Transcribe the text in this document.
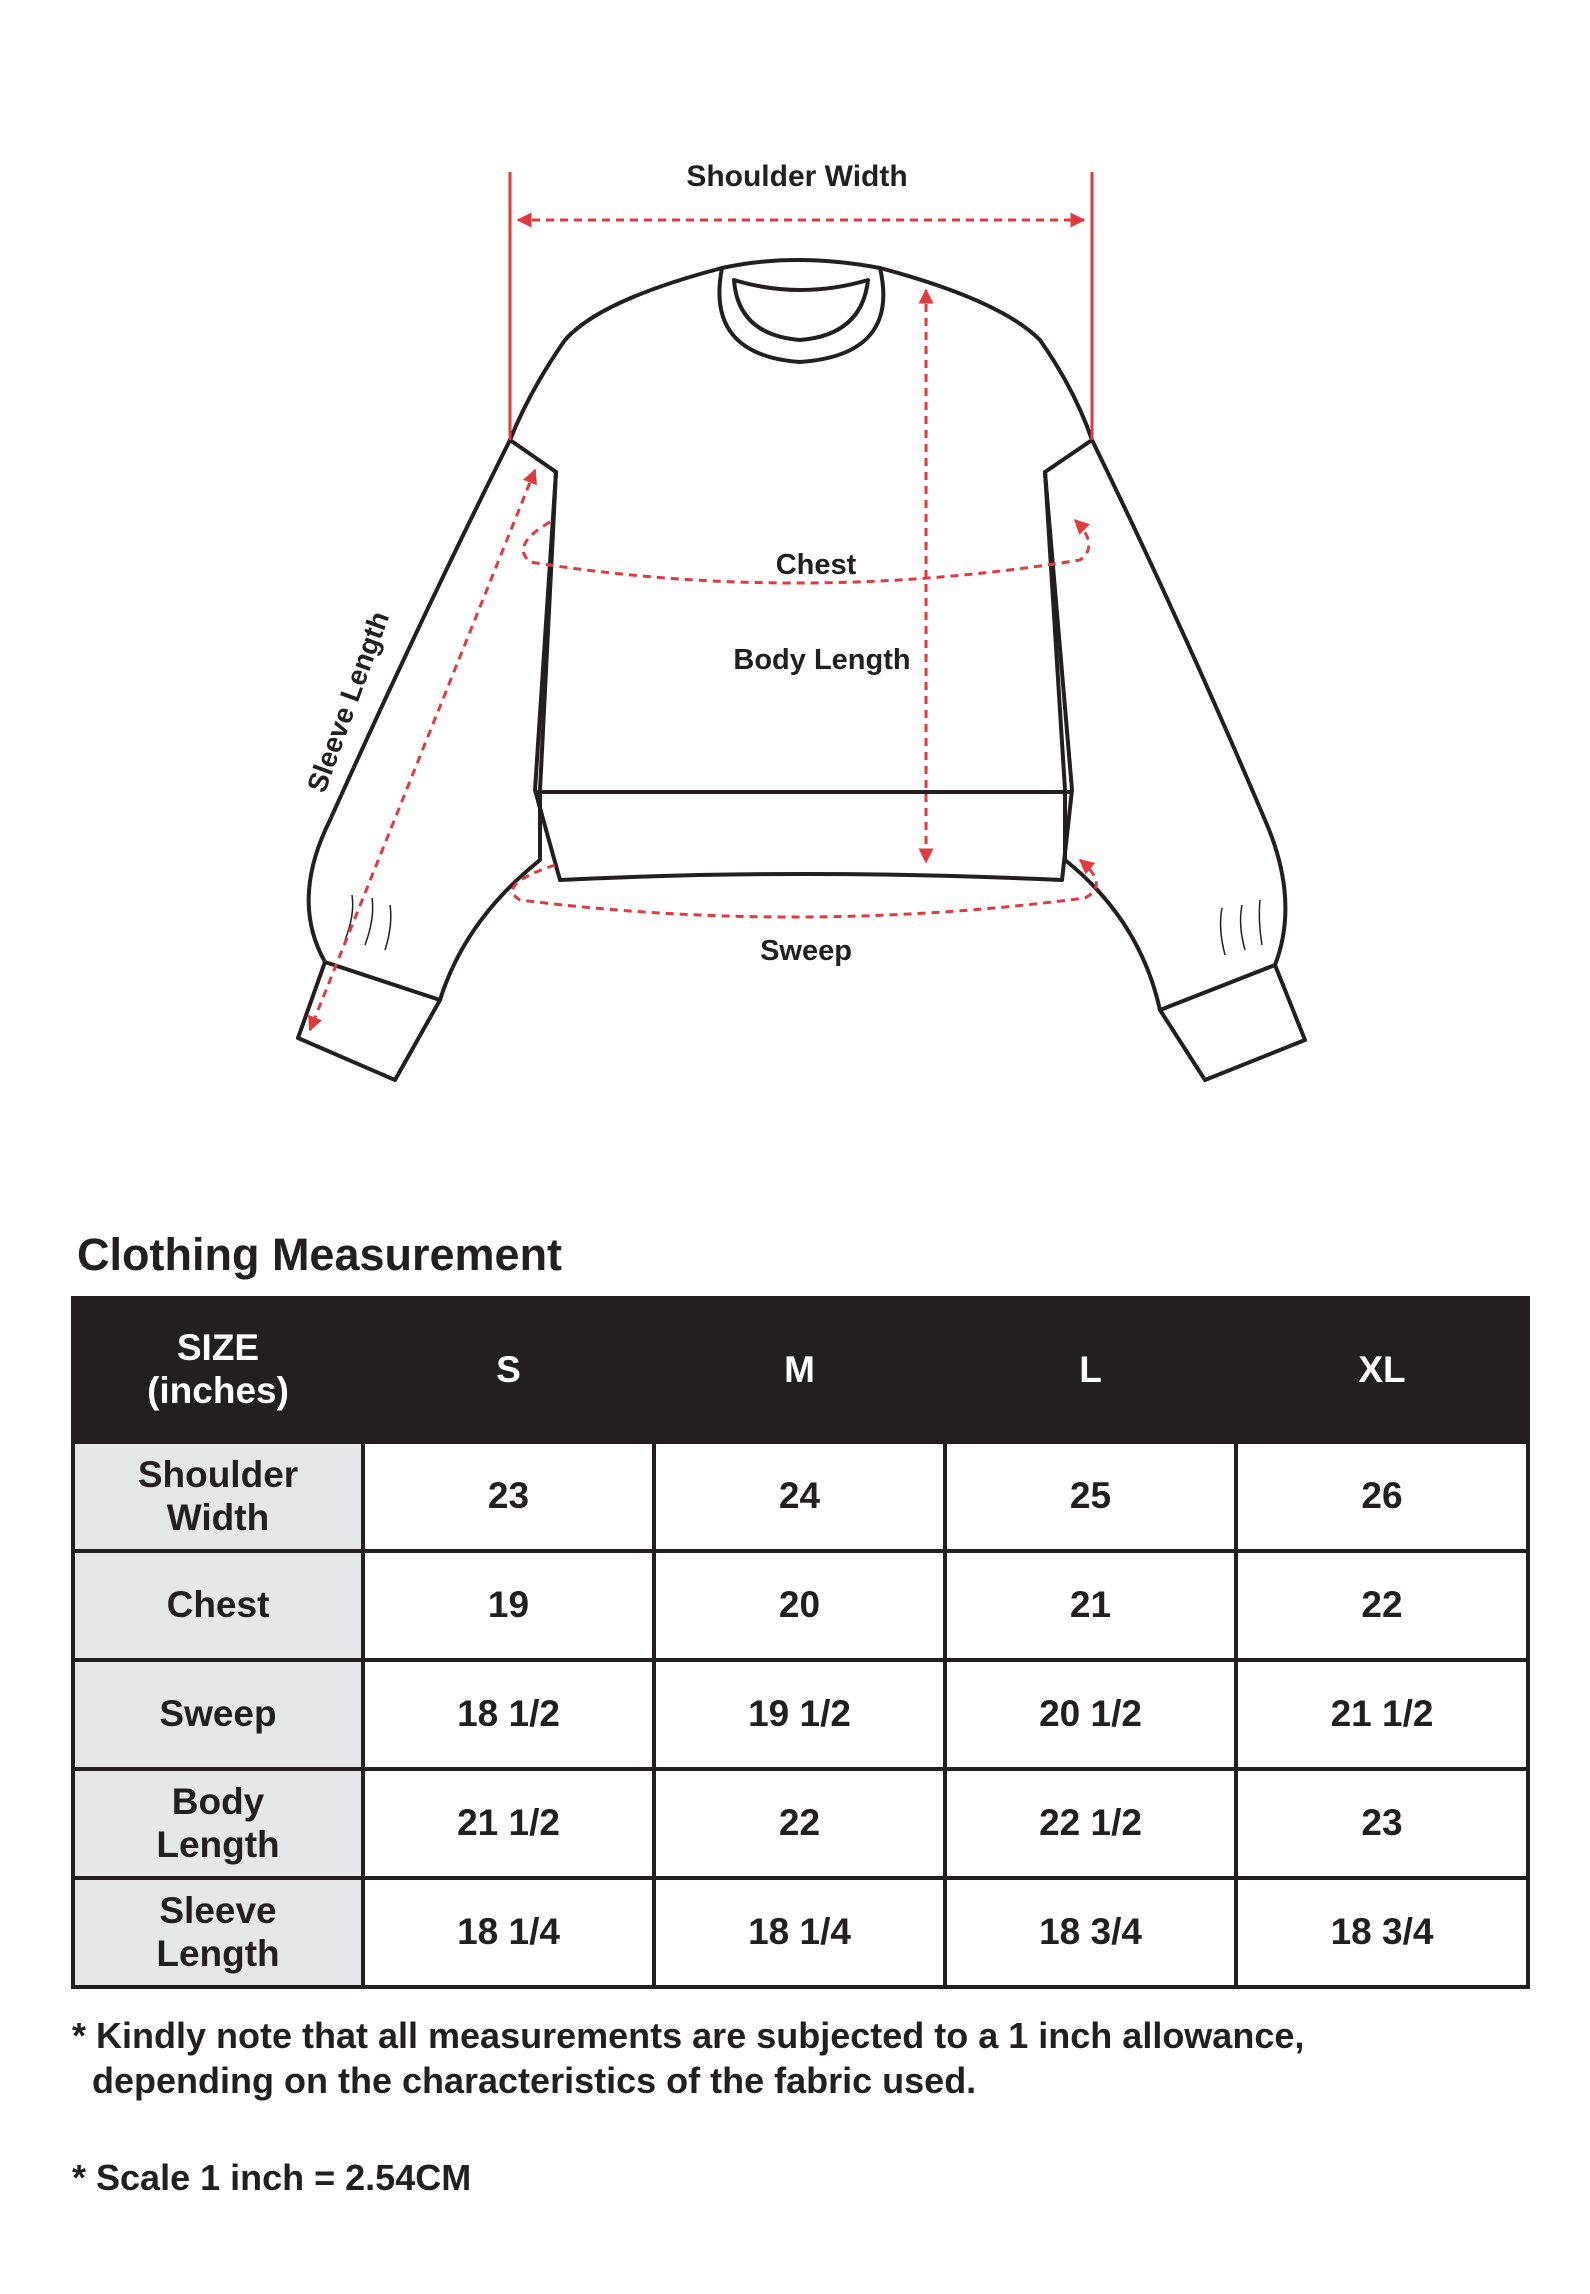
Shoulder Width
Chest
Body Length
Sweep
Sleeve Length
Clothing Measurement
SIZE
(inches)	S	M	L	XL
Shoulder
Width	23	24	25	26
Chest	19	20	21	22
Sweep	18 1/2	19 1/2	20 1/2	21 1/2
Body
Length	21 1/2	22	22 1/2	23
Sleeve
Length	18 1/4	18 1/4	18 3/4	18 3/4

* Kindly note that all measurements are subjected to a 1 inch allowance,

depending on the characteristics of the fabric used.

* Scale 1 inch = 2.54CM
